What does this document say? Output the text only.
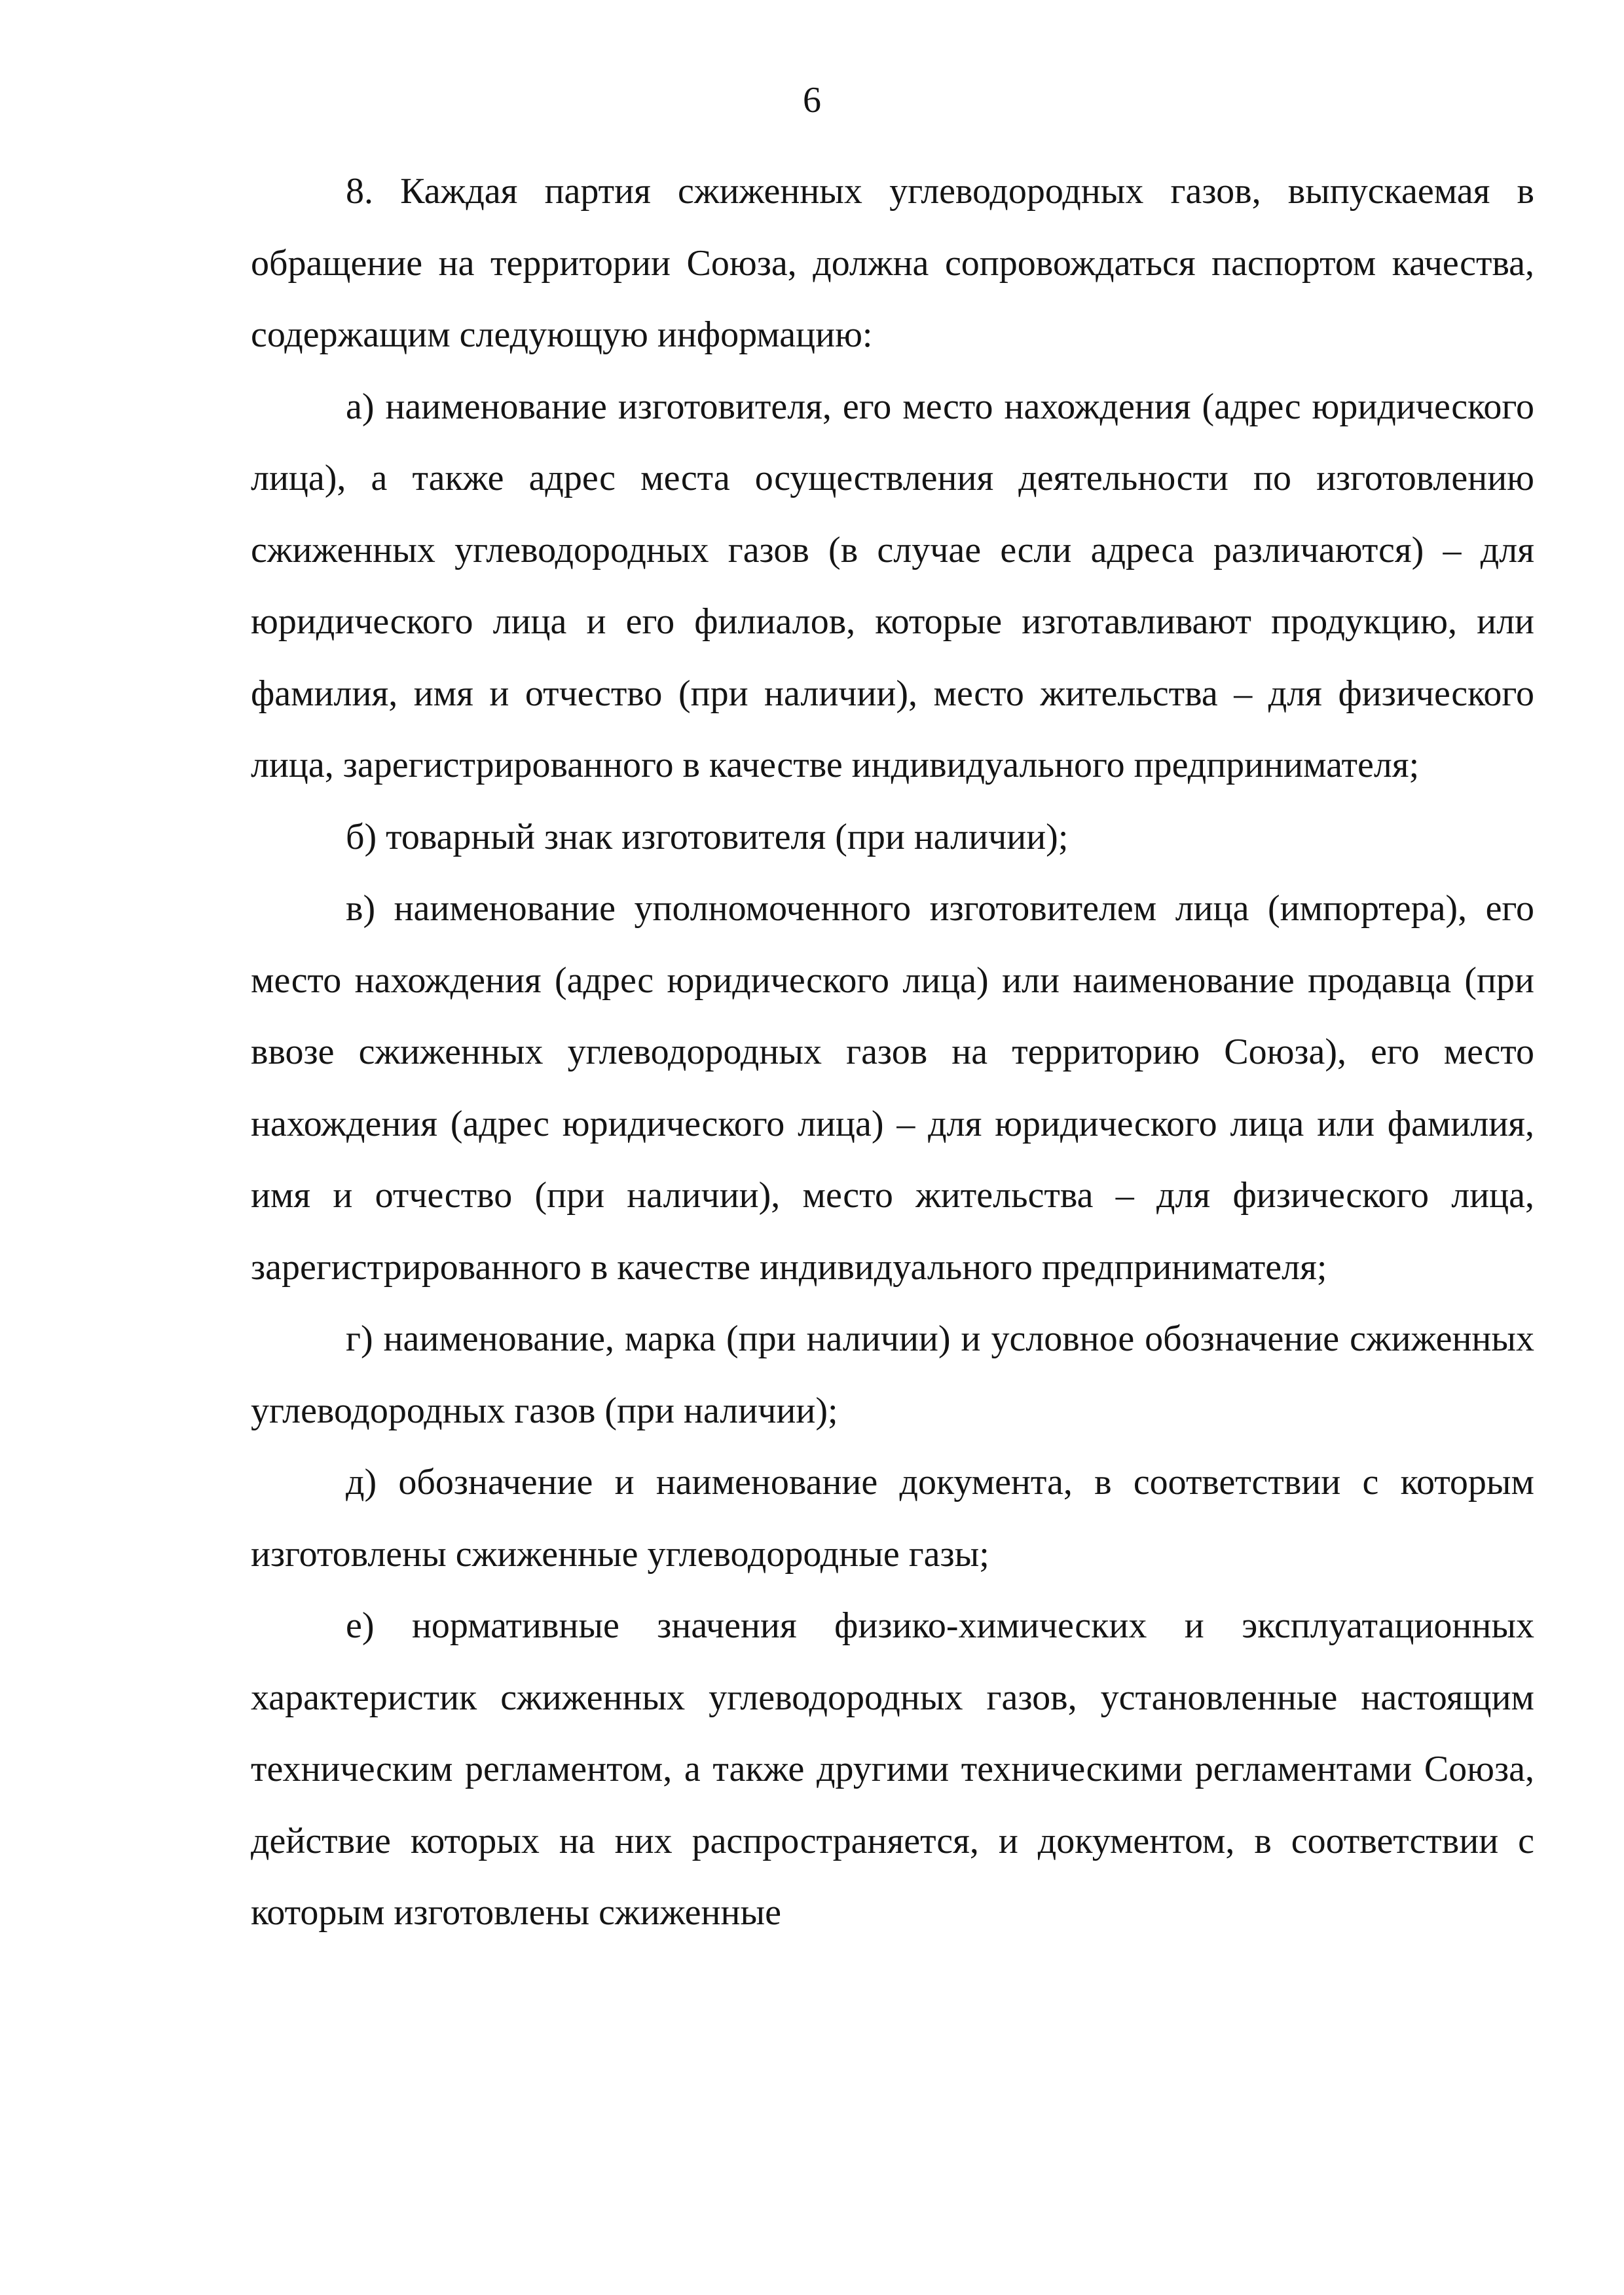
6

8. Каждая партия сжиженных углеводородных газов, выпускаемая в обращение на территории Союза, должна сопровождаться паспортом качества, содержащим следующую информацию:

а) наименование изготовителя, его место нахождения (адрес юридического лица), а также адрес места осуществления деятельности по изготовлению сжиженных углеводородных газов (в случае если адреса различаются) – для юридического лица и его филиалов, которые изготавливают продукцию, или фамилия, имя и отчество (при наличии), место жительства – для физического лица, зарегистрированного в качестве индивидуального предпринимателя;

б) товарный знак изготовителя (при наличии);

в) наименование уполномоченного изготовителем лица (импортера), его место нахождения (адрес юридического лица) или наименование продавца (при ввозе сжиженных углеводородных газов на территорию Союза), его место нахождения (адрес юридического лица) – для юридического лица или фамилия, имя и отчество (при наличии), место жительства – для физического лица, зарегистрированного в качестве индивидуального предпринимателя;

г) наименование, марка (при наличии) и условное обозначение сжиженных углеводородных газов (при наличии);

д) обозначение и наименование документа, в соответствии с которым изготовлены сжиженные углеводородные газы;

е) нормативные значения физико-химических и эксплуатационных характеристик сжиженных углеводородных газов, установленные настоящим техническим регламентом, а также другими техническими регламентами Союза, действие которых на них распространяется, и документом, в соответствии с которым изготовлены сжиженные
